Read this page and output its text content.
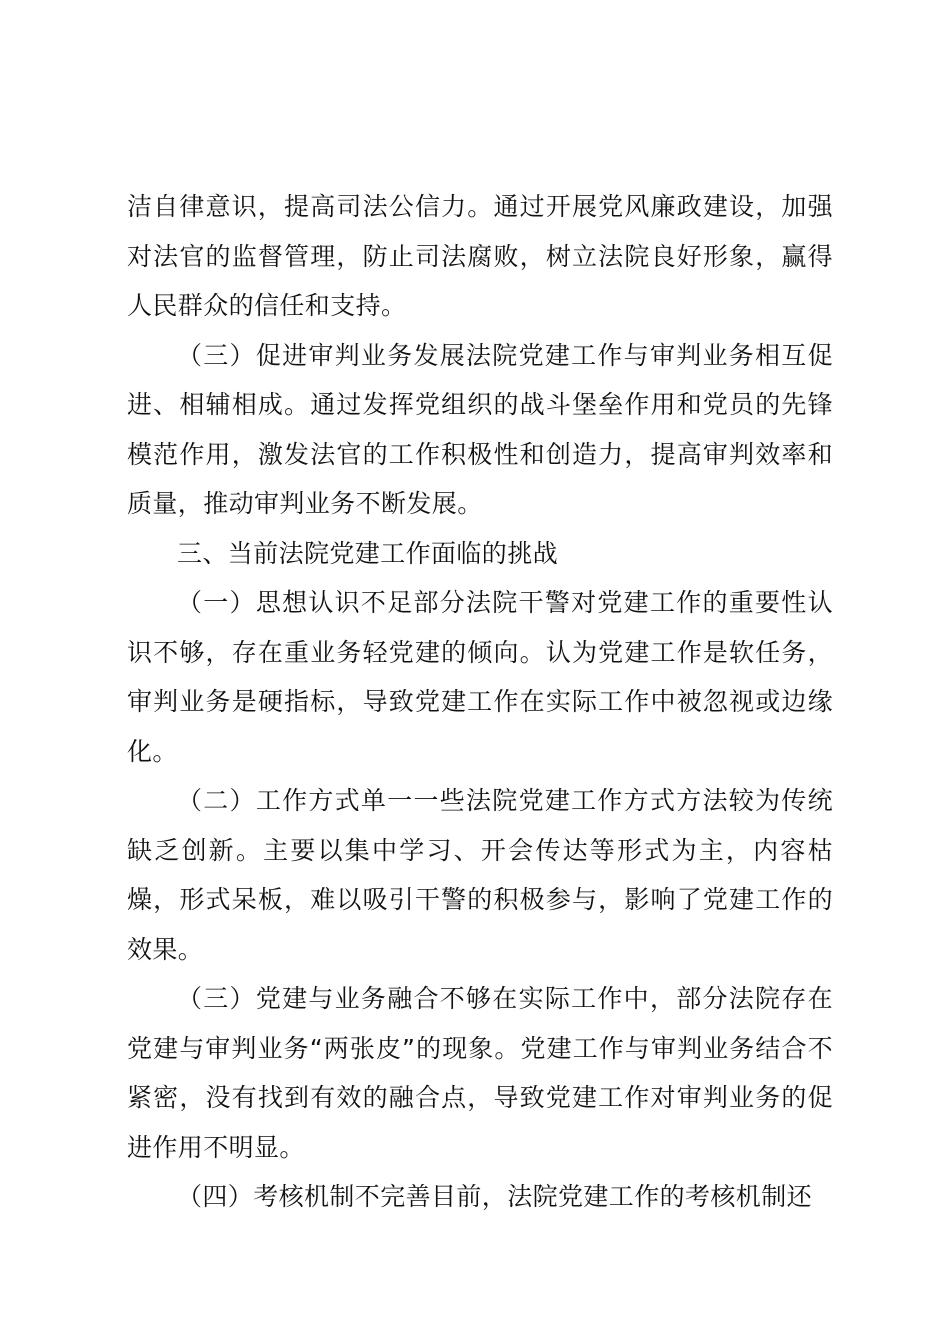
洁自律意识，提高司法公信力。通过开展党风廉政建设，加强对法官的监督管理，防止司法腐败，树立法院良好形象，赢得人民群众的信任和支持。

（三）促进审判业务发展法院党建工作与审判业务相互促进、相辅相成。通过发挥党组织的战斗堡垒作用和党员的先锋模范作用，激发法官的工作积极性和创造力，提高审判效率和质量，推动审判业务不断发展。

三、当前法院党建工作面临的挑战

（一）思想认识不足部分法院干警对党建工作的重要性认识不够，存在重业务轻党建的倾向。认为党建工作是软任务，审判业务是硬指标，导致党建工作在实际工作中被忽视或边缘化。

（二）工作方式单一一些法院党建工作方式方法较为传统缺乏创新。主要以集中学习、开会传达等形式为主，内容枯燥，形式呆板，难以吸引干警的积极参与，影响了党建工作的效果。

（三）党建与业务融合不够在实际工作中，部分法院存在党建与审判业务“两张皮”的现象。党建工作与审判业务结合不紧密，没有找到有效的融合点，导致党建工作对审判业务的促进作用不明显。

（四）考核机制不完善目前，法院党建工作的考核机制还
